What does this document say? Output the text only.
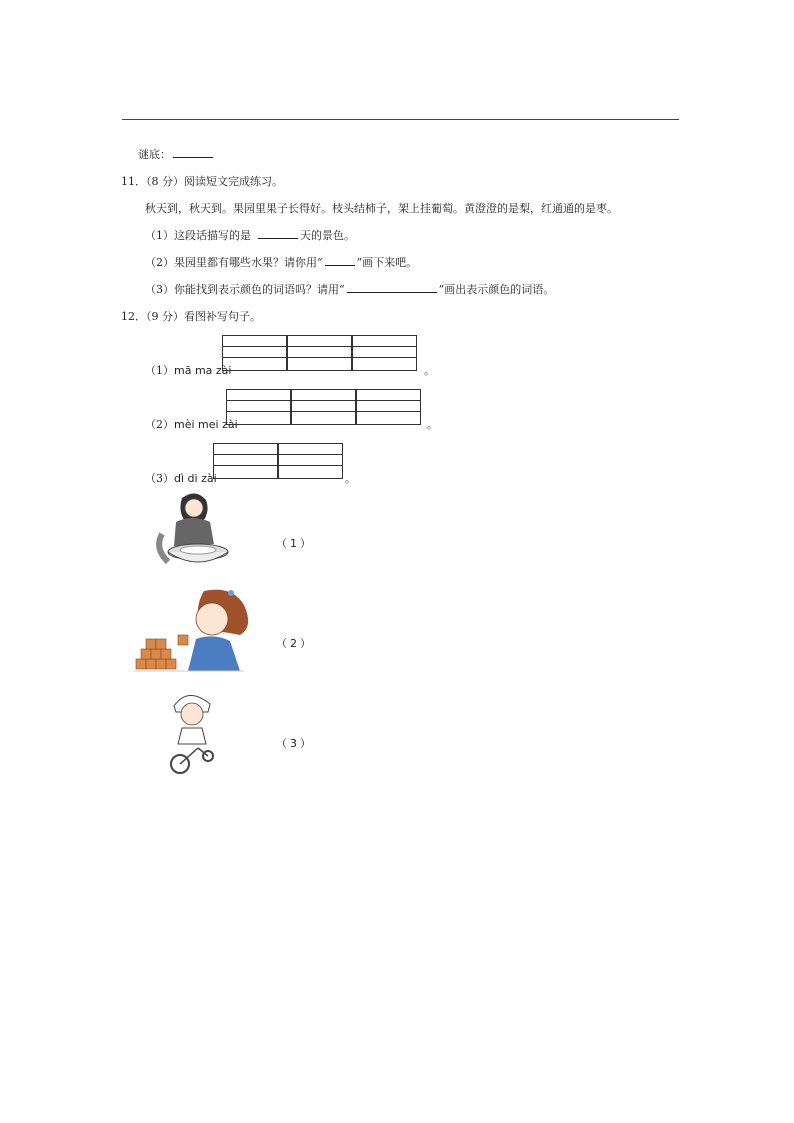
谜底：
11．（8 分）阅读短文完成练习。
秋天到，秋天到。果园里果子长得好。枝头结柿子，架上挂葡萄。黄澄澄的是梨，红通通的是枣。
（1）这段话描写的是	天的景色。
（2）果园里都有哪些水果？请你用“	”画下来吧。
（3）你能找到表示颜色的词语吗？请用“	”画出表示颜色的词语。
12．（9 分）看图补写句子。
（1）mā ma zài

					。
（2）mèi mei zài

					。
（3）dì di zài

			。
（1）
（2）
（3）
